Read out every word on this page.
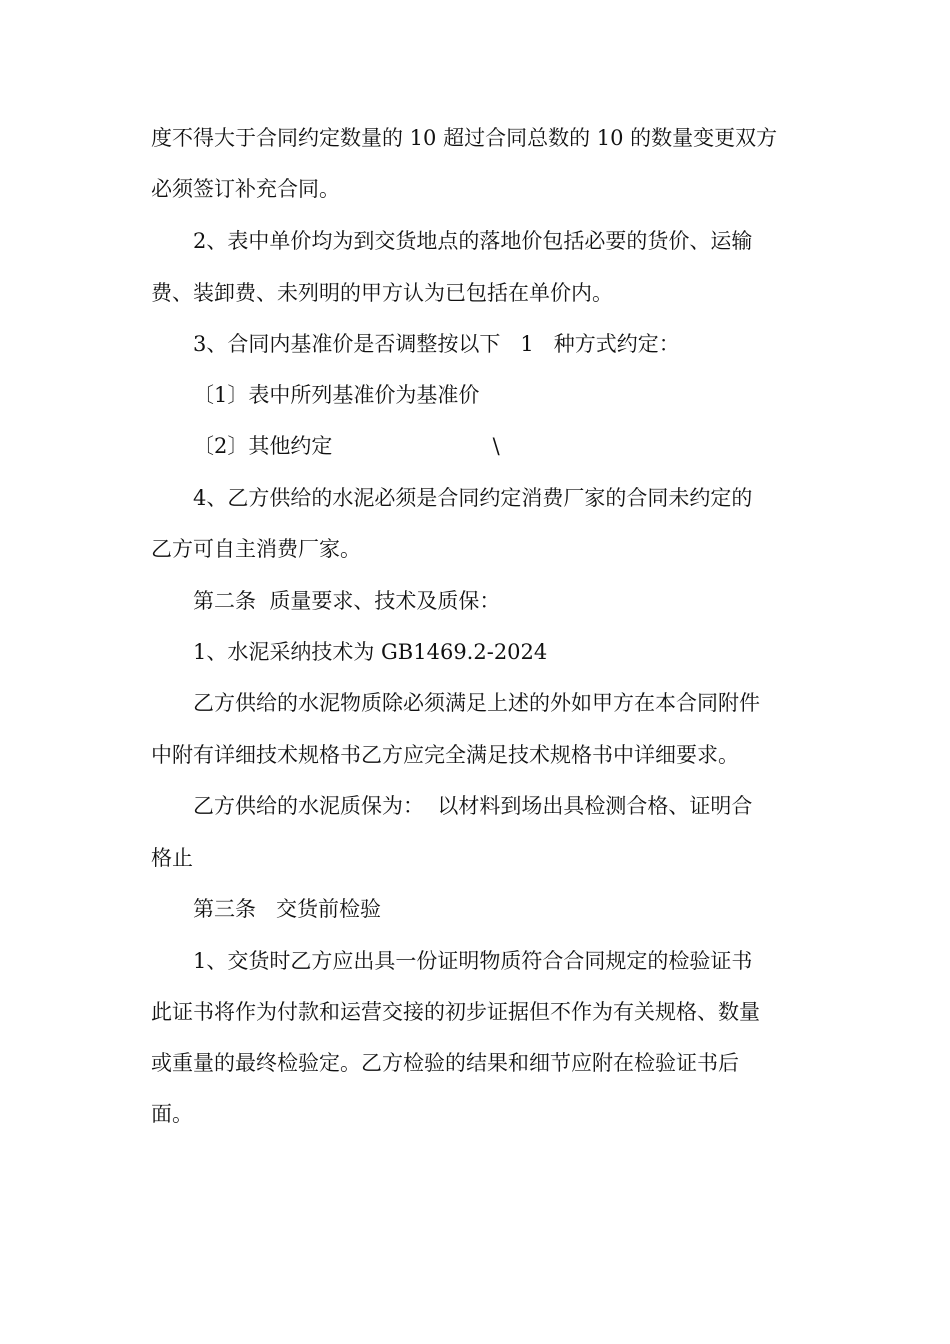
度不得大于合同约定数量的 10 超过合同总数的 10 的数量变更双方
必须签订补充合同。
2、表中单价均为到交货地点的落地价包括必要的货价、运输
费、装卸费、未列明的甲方认为已包括在单价内。
3、合同内基准价是否调整按以下   1   种方式约定：
〔1〕表中所列基准价为基准价
〔2〕其他约定                        \
4、乙方供给的水泥必须是合同约定消费厂家的合同未约定的
乙方可自主消费厂家。
第二条  质量要求、技术及质保：
1、水泥采纳技术为 GB1469.2-2024
乙方供给的水泥物质除必须满足上述的外如甲方在本合同附件
中附有详细技术规格书乙方应完全满足技术规格书中详细要求。
乙方供给的水泥质保为：  以材料到场出具检测合格、证明合
格止
第三条   交货前检验
1、交货时乙方应出具一份证明物质符合合同规定的检验证书
此证书将作为付款和运营交接的初步证据但不作为有关规格、数量
或重量的最终检验定。乙方检验的结果和细节应附在检验证书后
面。
